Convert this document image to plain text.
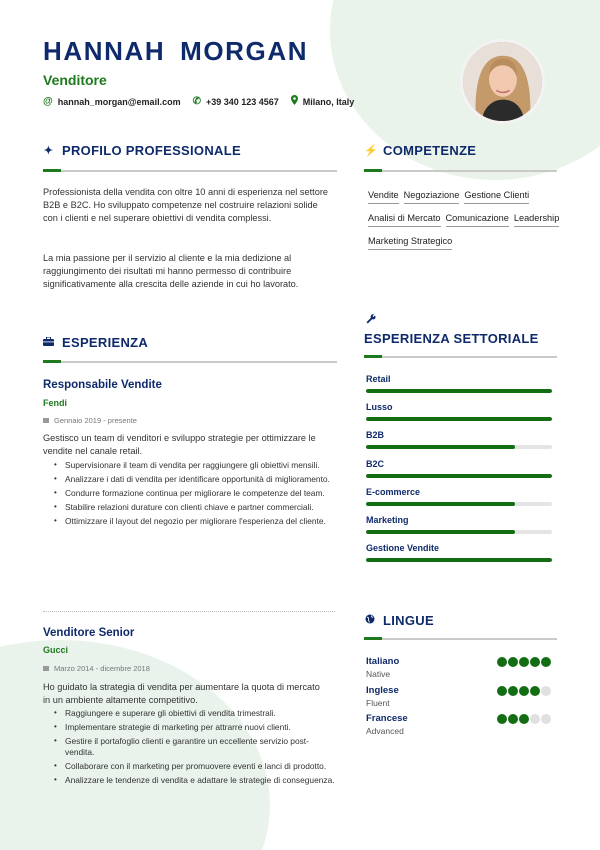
HANNAH MORGAN
Venditore
@ hannah_morgan@email.com ✆ +39 340 123 4567	Milano, Italy
✦ PROFILO PROFESSIONALE
Professionista della vendita con oltre 10 anni di esperienza nel settore B2B e B2C. Ho sviluppato competenze nel costruire relazioni solide con i clienti e nel superare obiettivi di vendita complessi.
La mia passione per il servizio al cliente e la mia dedizione al raggiungimento dei risultati mi hanno permesso di contribuire significativamente alla crescita delle aziende in cui ho lavorato.
ESPERIENZA
Responsabile Vendite
Fendi
Gennaio 2019 - presente
Gestisco un team di venditori e sviluppo strategie per ottimizzare le vendite nel canale retail.
• Supervisionare il team di vendita per raggiungere gli obiettivi mensili.
• Analizzare i dati di vendita per identificare opportunità di miglioramento.
• Condurre formazione continua per migliorare le competenze del team.
• Stabilire relazioni durature con clienti chiave e partner commerciali.
• Ottimizzare il layout del negozio per migliorare l'esperienza del cliente.
Venditore Senior
Gucci
Marzo 2014 - dicembre 2018
Ho guidato la strategia di vendita per aumentare la quota di mercato in un ambiente altamente competitivo.
• Raggiungere e superare gli obiettivi di vendita trimestrali.
• Implementare strategie di marketing per attrarre nuovi clienti.
• Gestire il portafoglio clienti e garantire un eccellente servizio post-vendita.
• Collaborare con il marketing per promuovere eventi e lanci di prodotto.
• Analizzare le tendenze di vendita e adattare le strategie di conseguenza.
⚡ COMPETENZE
Vendite Negoziazione Gestione Clienti
Analisi di Mercato Comunicazione Leadership
Marketing Strategico
ESPERIENZA SETTORIALE
Retail
Lusso
B2B
B2C
E-commerce
Marketing
Gestione Vendite
LINGUE
Italiano
Native
Inglese
Fluent
Francese
Advanced
